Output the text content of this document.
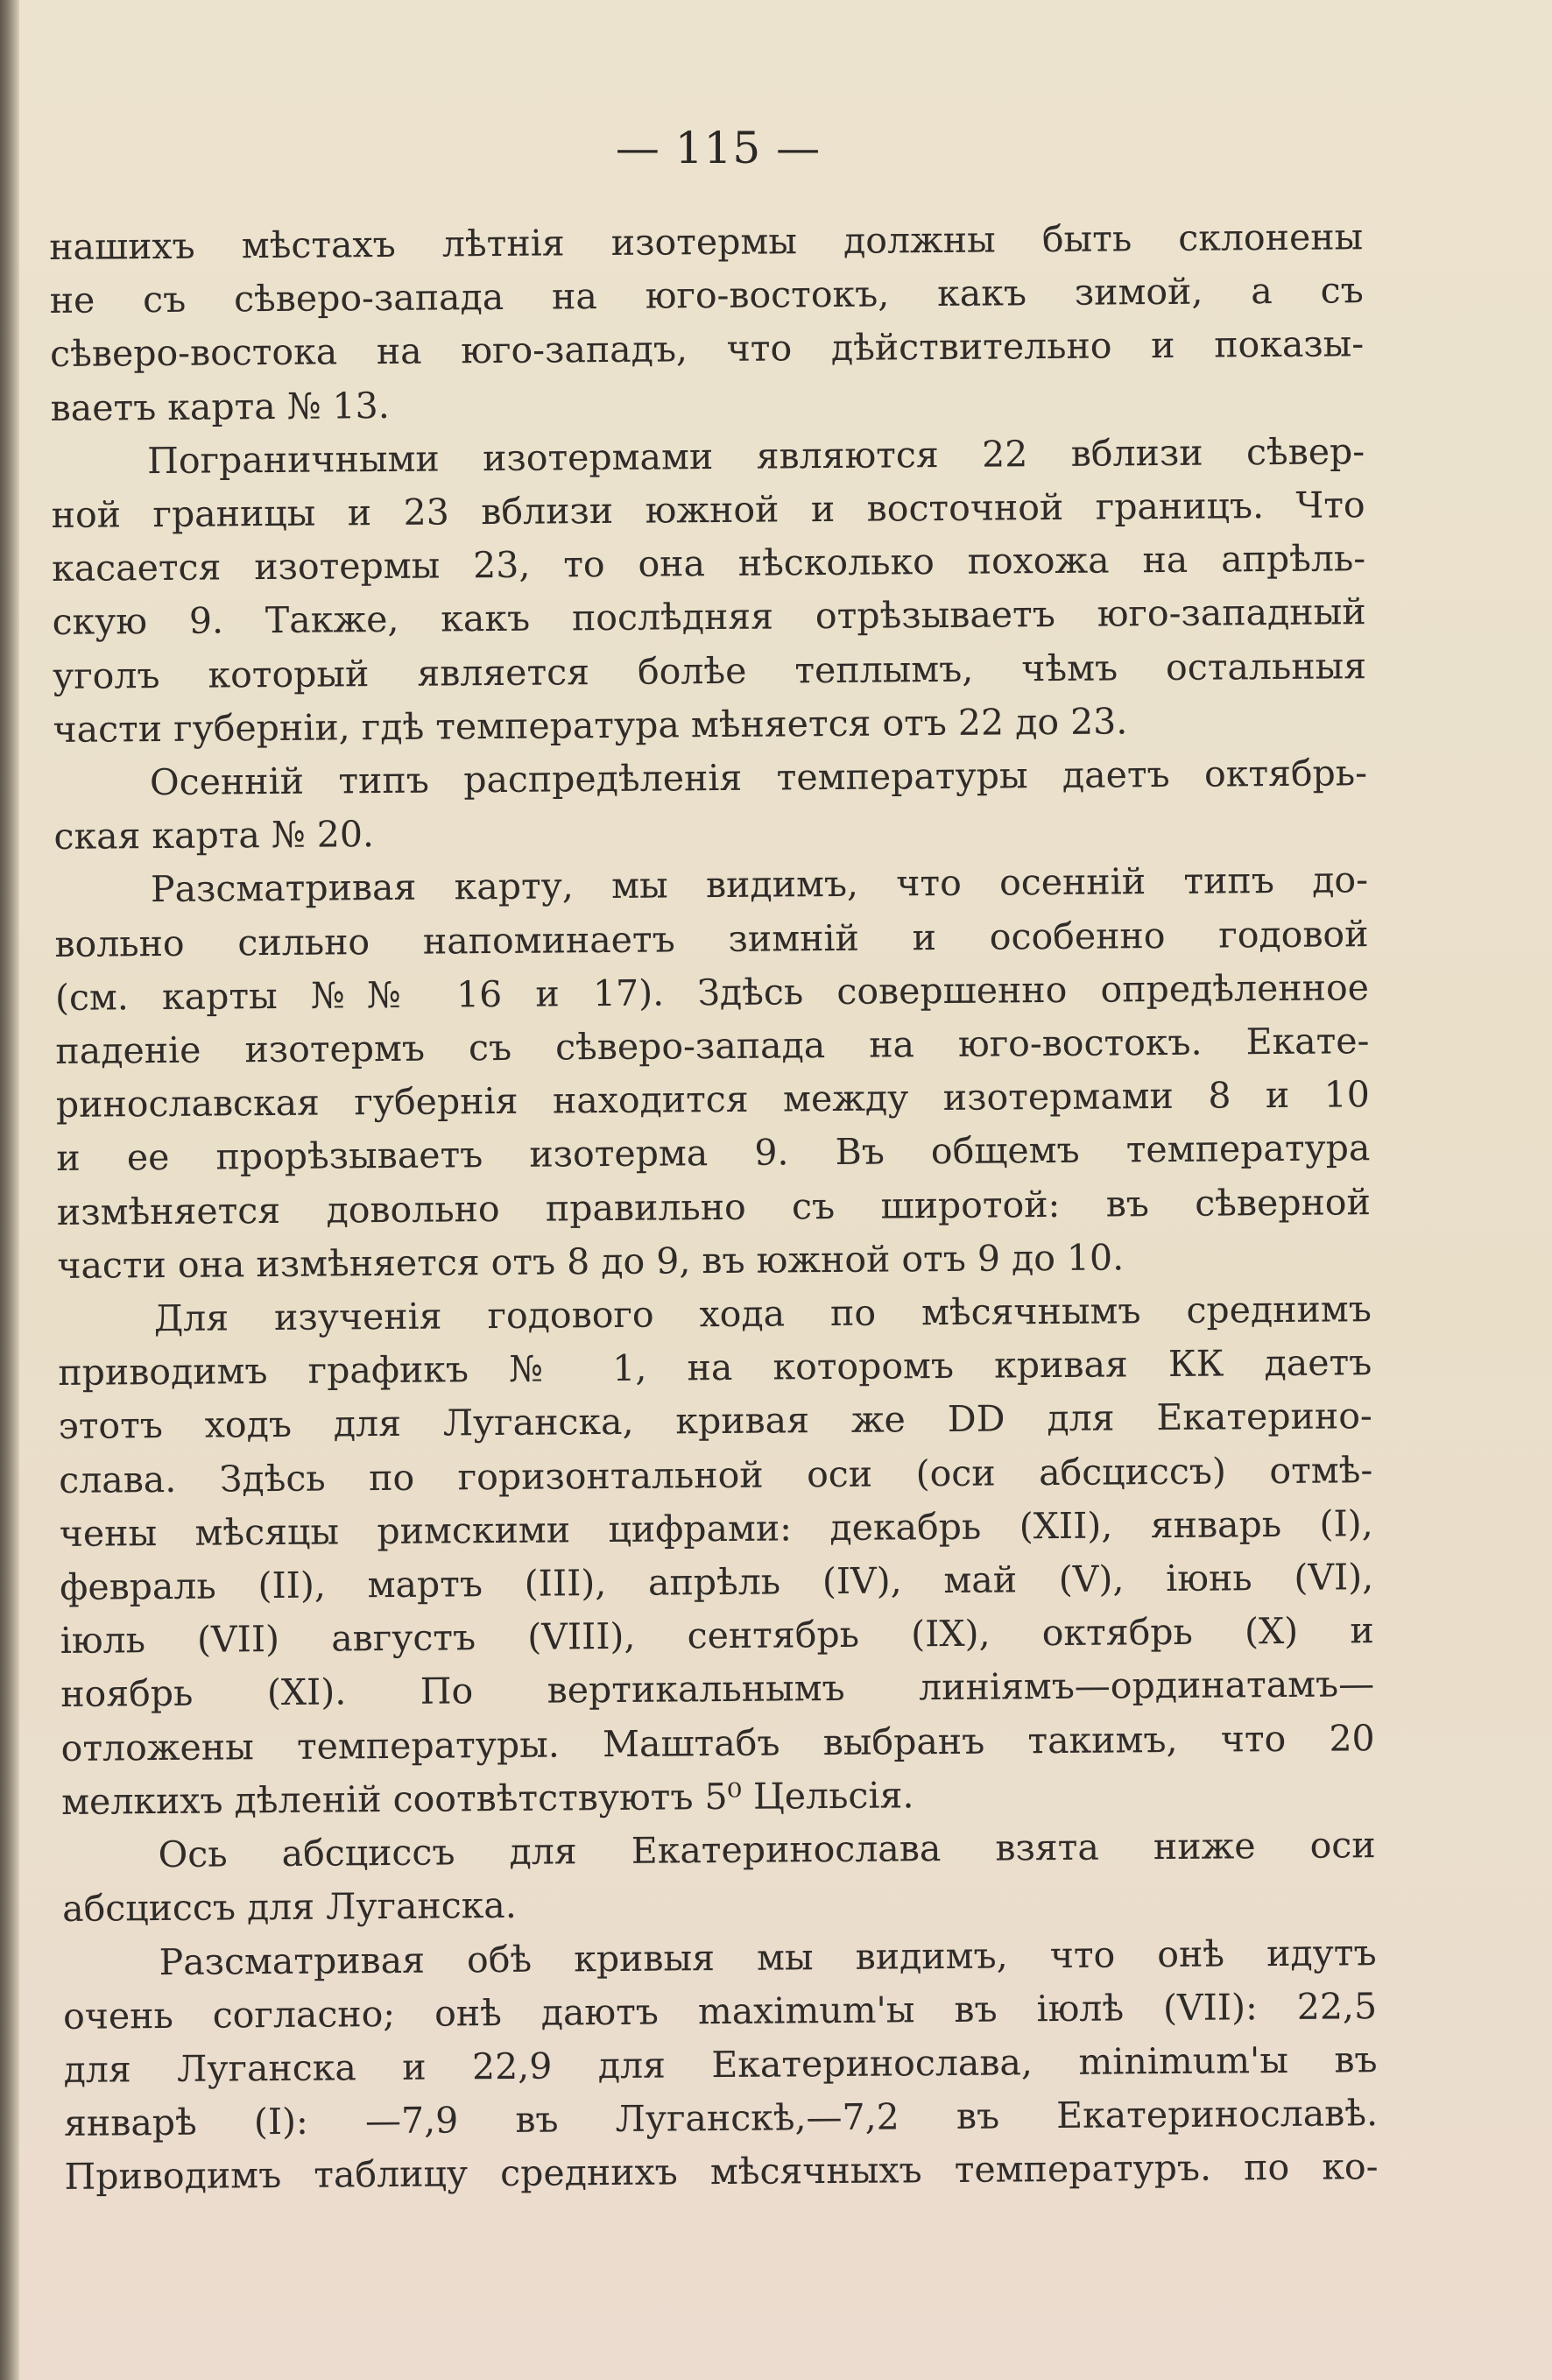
— 115 —
нашихъ мѣстахъ лѣтнія изотермы должны быть склонены
не съ сѣверо-запада на юго-востокъ, какъ зимой, а съ
сѣверо-востока на юго-западъ, что дѣйствительно и показы-
ваетъ карта № 13.
Пограничными изотермами являются 22 вблизи сѣвер-
ной границы и 23 вблизи южной и восточной границъ. Что
касается изотермы 23, то она нѣсколько похожа на апрѣль-
скую 9. Также, какъ послѣдняя отрѣзываетъ юго-западный
уголъ который является болѣе теплымъ, чѣмъ остальныя
части губерніи, гдѣ температура мѣняется отъ 22 до 23.
Осенній типъ распредѣленія температуры даетъ октябрь-
ская карта № 20.
Разсматривая карту, мы видимъ, что осенній типъ до-
вольно сильно напоминаетъ зимній и особенно годовой
(см. карты №№ 16 и 17). Здѣсь совершенно опредѣленное
паденіе изотермъ съ сѣверо-запада на юго-востокъ. Екате-
ринославская губернія находится между изотермами 8 и 10
и ее прорѣзываетъ изотерма 9. Въ общемъ температура
измѣняется довольно правильно съ широтой: въ сѣверной
части она измѣняется отъ 8 до 9, въ южной отъ 9 до 10.
Для изученія годового хода по мѣсячнымъ среднимъ
приводимъ графикъ № 1, на которомъ кривая КК даетъ
этотъ ходъ для Луганска, кривая же DD для Екатерино-
слава. Здѣсь по горизонтальной оси (оси абсциссъ) отмѣ-
чены мѣсяцы римскими цифрами: декабрь (XII), январь (I),
февраль (II), мартъ (III), апрѣль (IV), май (V), іюнь (VI),
іюль (VII) августъ (VIII), сентябрь (IX), октябрь (X) и
ноябрь (XI). По вертикальнымъ линіямъ—ординатамъ—
отложены температуры. Маштабъ выбранъ такимъ, что 20
мелкихъ дѣленій соотвѣтствуютъ 5⁰ Цельсія.
Ось абсциссъ для Екатеринослава взята ниже оси
абсциссъ для Луганска.
Разсматривая обѣ кривыя мы видимъ, что онѣ идутъ
очень согласно; онѣ даютъ maximum'ы въ іюлѣ (VII): 22,5
для Луганска и 22,9 для Екатеринослава, minimum'ы въ
январѣ (I): —7,9 въ Луганскѣ,—7,2 въ Екатеринославѣ.
Приводимъ таблицу среднихъ мѣсячныхъ температуръ. по ко-
